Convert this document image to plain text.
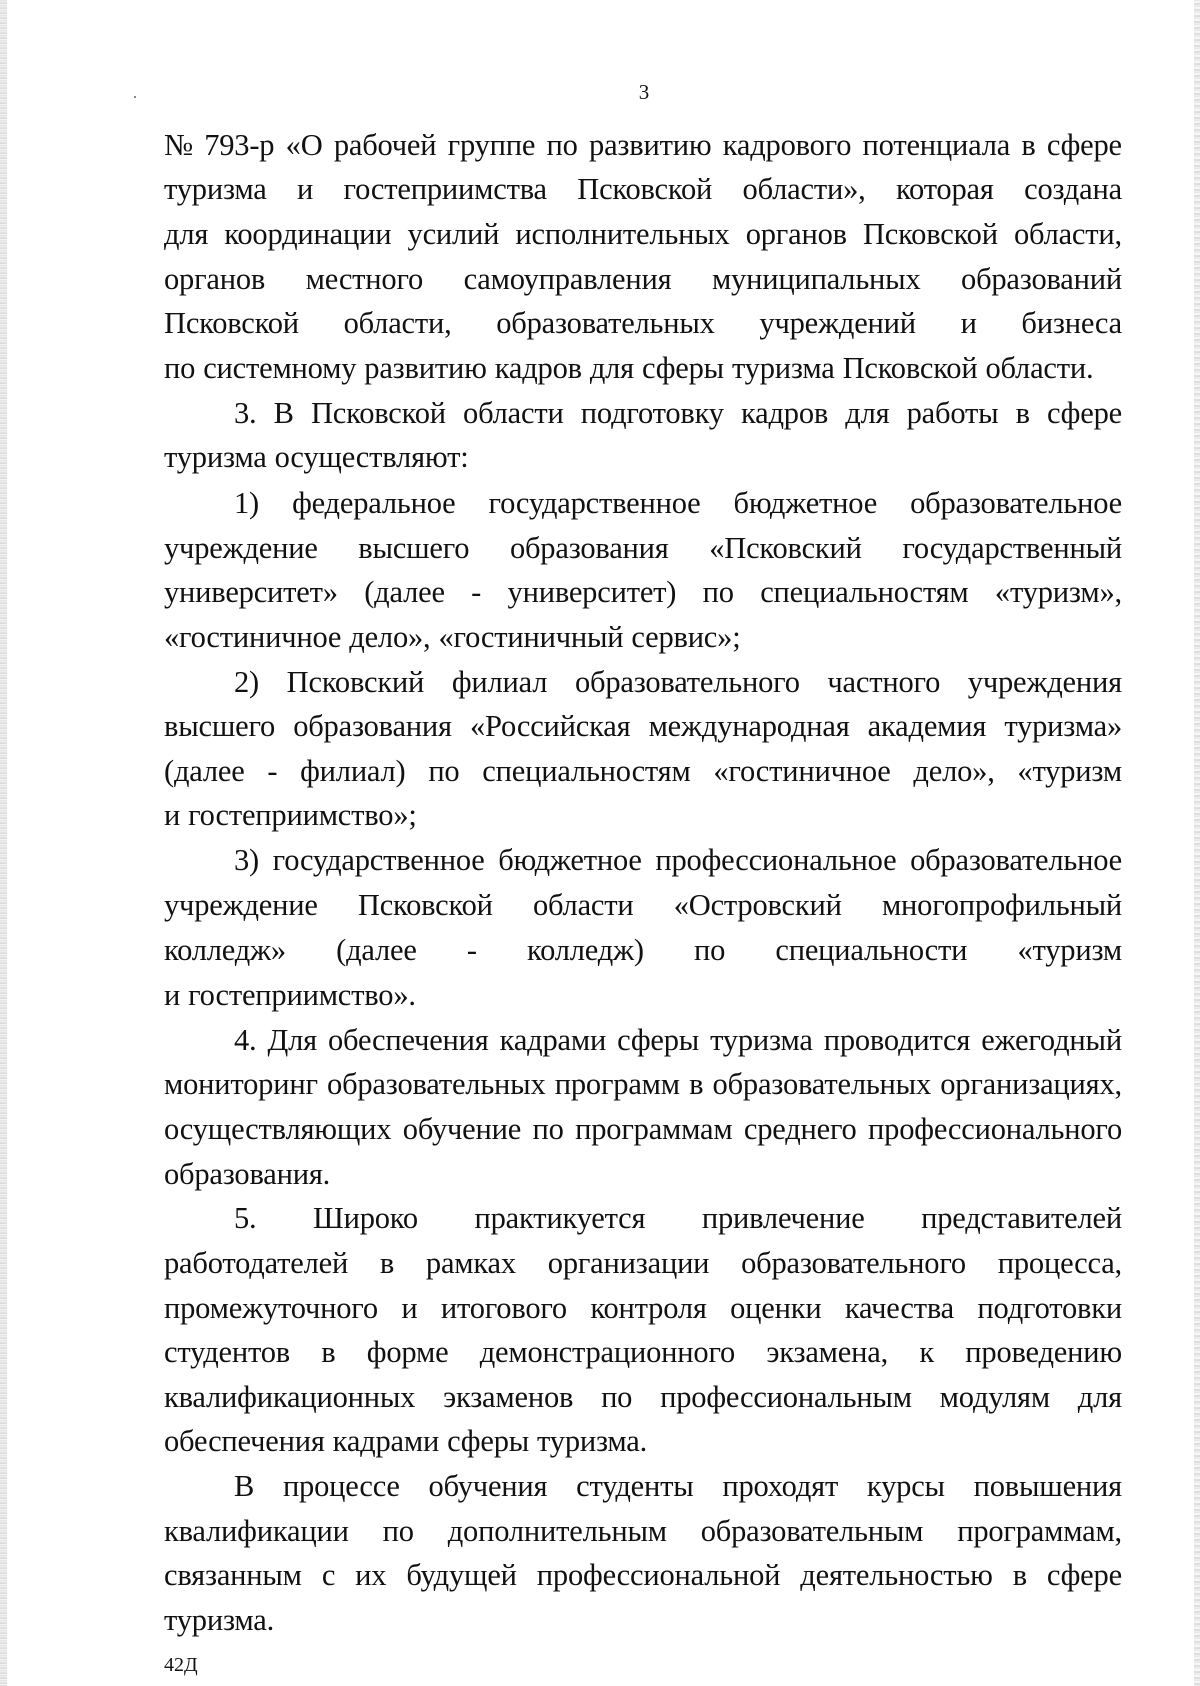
3
№ 793-р «О рабочей группе по развитию кадрового потенциала в сфере
туризма и гостеприимства Псковской области», которая создана
для координации усилий исполнительных органов Псковской области,
органов местного самоуправления муниципальных образований
Псковской области, образовательных учреждений и бизнеса
по системному развитию кадров для сферы туризма Псковской области.
3. В Псковской области подготовку кадров для работы в сфере
туризма осуществляют:
1) федеральное государственное бюджетное образовательное
учреждение высшего образования «Псковский государственный
университет» (далее - университет) по специальностям «туризм»,
«гостиничное дело», «гостиничный сервис»;
2) Псковский филиал образовательного частного учреждения
высшего образования «Российская международная академия туризма»
(далее - филиал) по специальностям «гостиничное дело», «туризм
и гостеприимство»;
3) государственное бюджетное профессиональное образовательное
учреждение Псковской области «Островский многопрофильный
колледж» (далее - колледж) по специальности «туризм
и гостеприимство».
4. Для обеспечения кадрами сферы туризма проводится ежегодный
мониторинг образовательных программ в образовательных организациях,
осуществляющих обучение по программам среднего профессионального
образования.
5. Широко практикуется привлечение представителей
работодателей в рамках организации образовательного процесса,
промежуточного и итогового контроля оценки качества подготовки
студентов в форме демонстрационного экзамена, к проведению
квалификационных экзаменов по профессиональным модулям для
обеспечения кадрами сферы туризма.
В процессе обучения студенты проходят курсы повышения
квалификации по дополнительным образовательным программам,
связанным с их будущей профессиональной деятельностью в сфере
туризма.
42Д
